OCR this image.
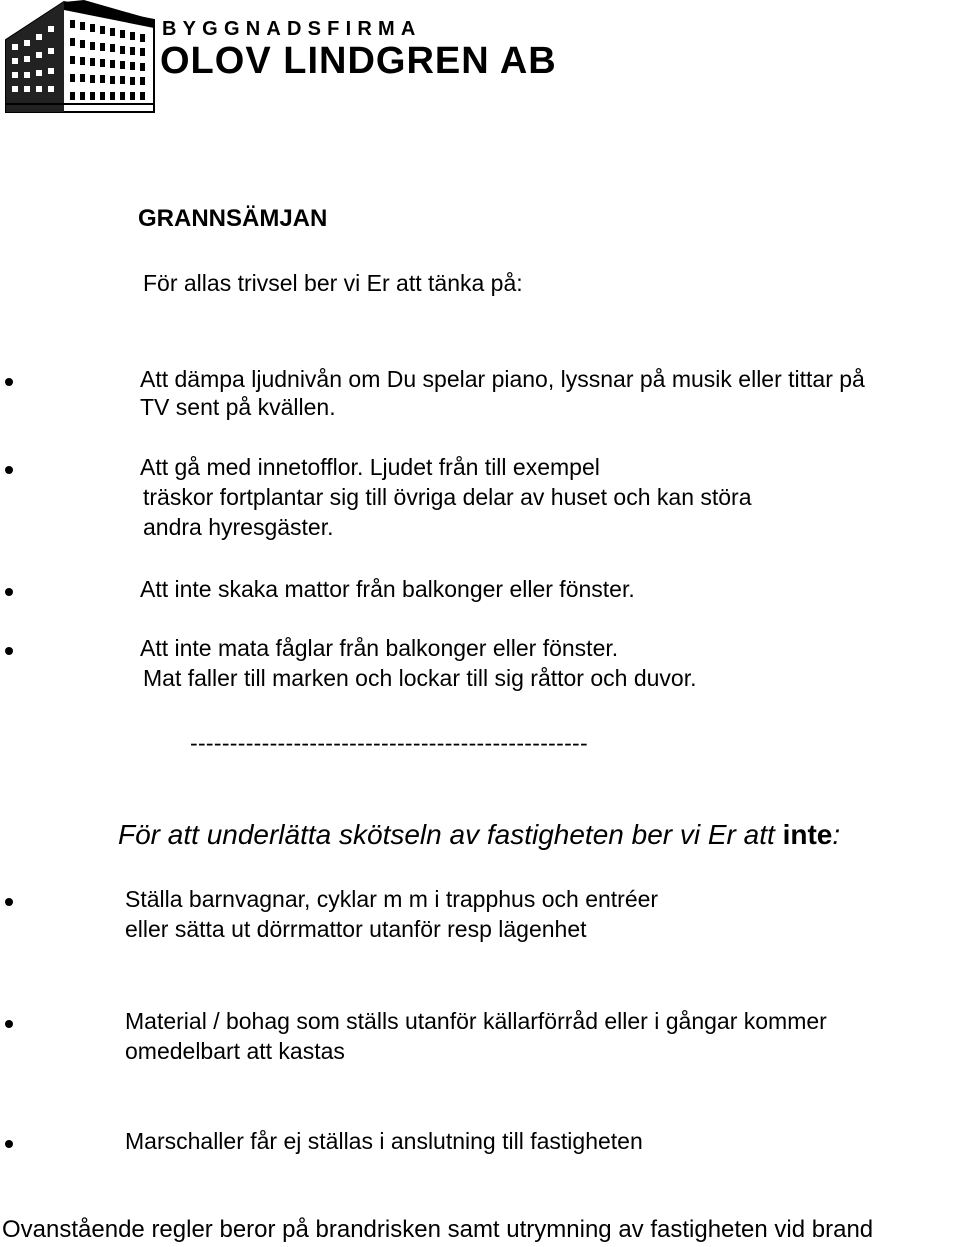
BYGGNADSFIRMA
OLOV LINDGREN AB
GRANNSÄMJAN
För allas trivsel ber vi Er att tänka på:
Att dämpa ljudnivån om Du spelar piano, lyssnar på musik eller tittar på
TV sent på kvällen.
Att gå med innetofflor. Ljudet från till exempel
träskor fortplantar sig till övriga delar av huset och kan störa
andra hyresgäster.
Att inte skaka mattor från balkonger eller fönster.
Att inte mata fåglar från balkonger eller fönster.
Mat faller till marken och lockar till sig råttor och duvor.
--------------------------------------------------
För att underlätta skötseln av fastigheten ber vi Er att inte:
Ställa barnvagnar, cyklar m m i trapphus och entréer
eller sätta ut dörrmattor utanför resp lägenhet
Material / bohag som ställs utanför källarförråd eller i gångar kommer
omedelbart att kastas
Marschaller får ej ställas i anslutning till fastigheten
Ovanstående regler beror på brandrisken samt utrymning av fastigheten vid brand
